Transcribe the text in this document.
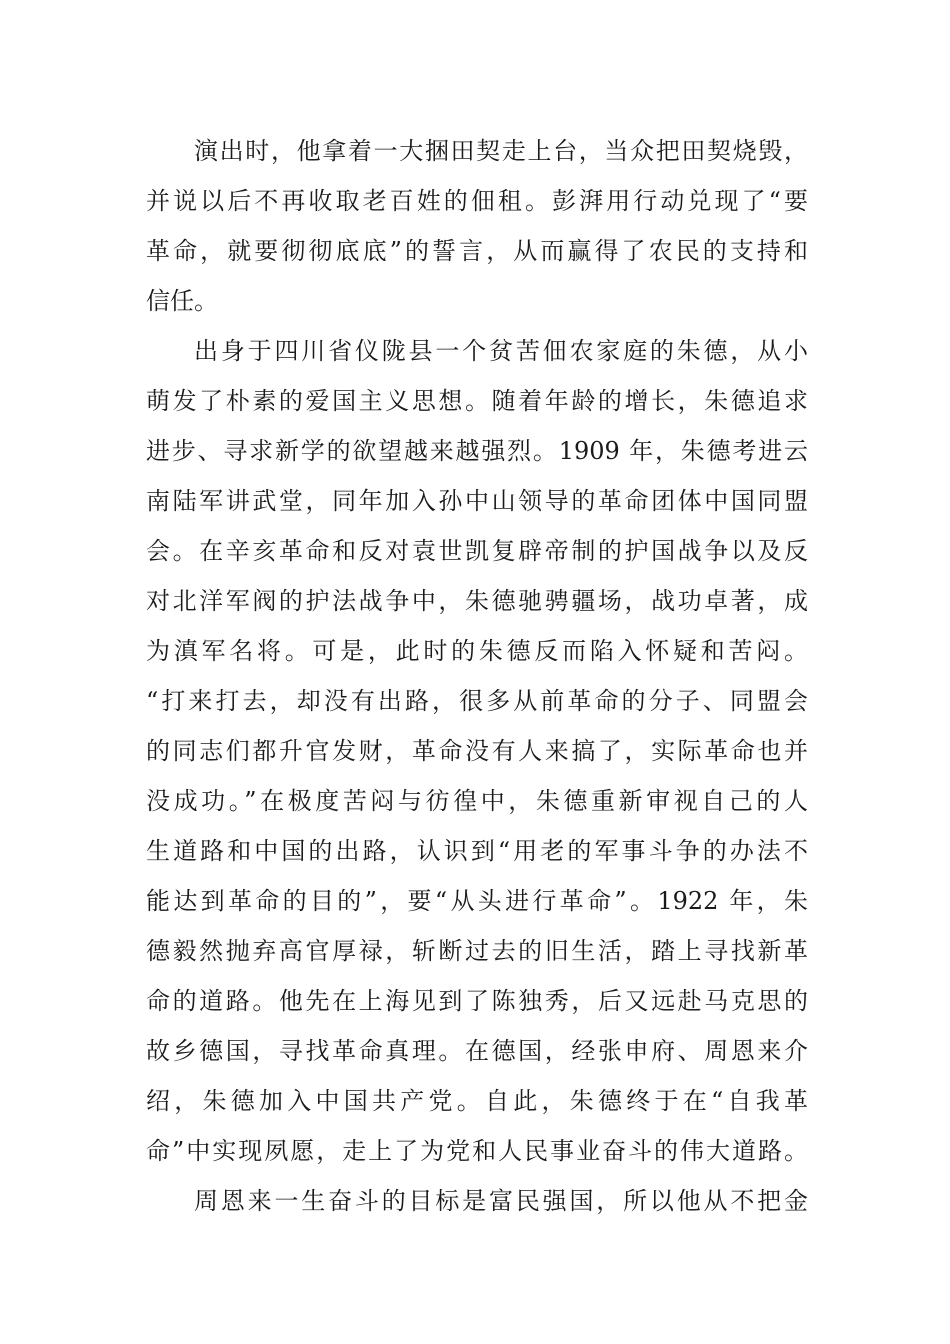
演出时，他拿着一大捆田契走上台，当众把田契烧毁，
并说以后不再收取老百姓的佃租。彭湃用行动兑现了“要
革命，就要彻彻底底”的誓言，从而赢得了农民的支持和
信任。
出身于四川省仪陇县一个贫苦佃农家庭的朱德，从小
萌发了朴素的爱国主义思想。随着年龄的增长，朱德追求
进步、寻求新学的欲望越来越强烈。1909 年，朱德考进云
南陆军讲武堂，同年加入孙中山领导的革命团体中国同盟
会。在辛亥革命和反对袁世凯复辟帝制的护国战争以及反
对北洋军阀的护法战争中，朱德驰骋疆场，战功卓著，成
为滇军名将。可是，此时的朱德反而陷入怀疑和苦闷。
“打来打去，却没有出路，很多从前革命的分子、同盟会
的同志们都升官发财，革命没有人来搞了，实际革命也并
没成功。”在极度苦闷与彷徨中，朱德重新审视自己的人
生道路和中国的出路，认识到“用老的军事斗争的办法不
能达到革命的目的”，要“从头进行革命”。1922 年，朱
德毅然抛弃高官厚禄，斩断过去的旧生活，踏上寻找新革
命的道路。他先在上海见到了陈独秀，后又远赴马克思的
故乡德国，寻找革命真理。在德国，经张申府、周恩来介
绍，朱德加入中国共产党。自此，朱德终于在“自我革
命”中实现夙愿，走上了为党和人民事业奋斗的伟大道路。
周恩来一生奋斗的目标是富民强国，所以他从不把金
